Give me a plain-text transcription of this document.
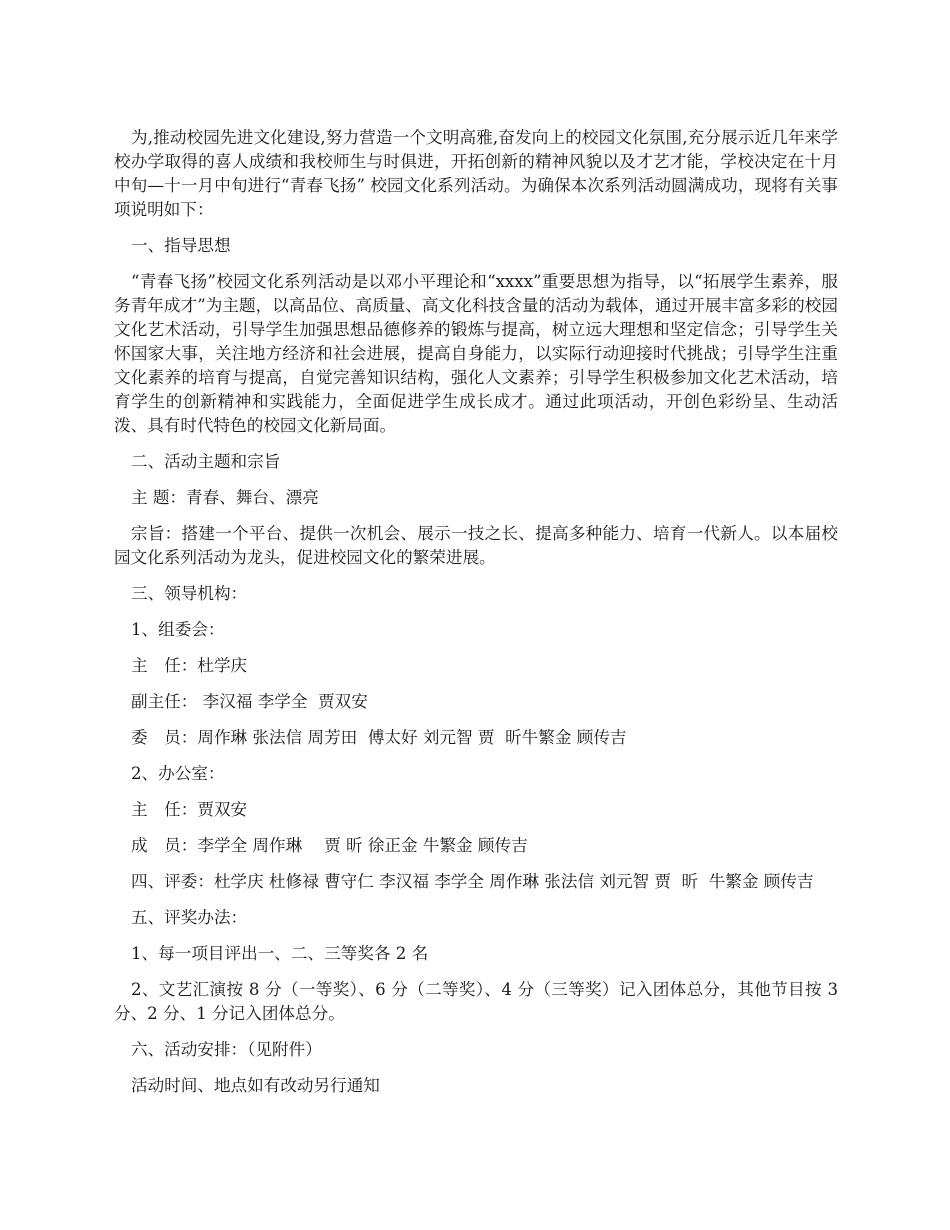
为,推动校园先进文化建设,努力营造一个文明高雅,奋发向上的校园文化氛围,充分展示近几年来学校办学取得的喜人成绩和我校师生与时俱进，开拓创新的精神风貌以及才艺才能，学校决定在十月中旬—十一月中旬进行“青春飞扬” 校园文化系列活动。为确保本次系列活动圆满成功，现将有关事项说明如下：

一、指导思想

“青春飞扬”校园文化系列活动是以邓小平理论和“xxxx”重要思想为指导，以“拓展学生素养，服务青年成才”为主题，以高品位、高质量、高文化科技含量的活动为载体，通过开展丰富多彩的校园文化艺术活动，引导学生加强思想品德修养的锻炼与提高，树立远大理想和坚定信念；引导学生关怀国家大事，关注地方经济和社会进展，提高自身能力，以实际行动迎接时代挑战；引导学生注重文化素养的培育与提高，自觉完善知识结构，强化人文素养；引导学生积极参加文化艺术活动，培育学生的创新精神和实践能力，全面促进学生成长成才。通过此项活动，开创色彩纷呈、生动活泼、具有时代特色的校园文化新局面。

二、活动主题和宗旨

主 题：青春、舞台、漂亮

宗旨：搭建一个平台、提供一次机会、展示一技之长、提高多种能力、培育一代新人。以本届校园文化系列活动为龙头，促进校园文化的繁荣进展。

三、领导机构：

1、组委会：

主　任：杜学庆

副主任： 李汉福 李学全  贾双安

委　员：周作琳 张法信 周芳田  傅太好 刘元智 贾  昕牛繁金 顾传吉

2、办公室：

主　任：贾双安

成　员：李学全 周作琳　 贾 昕 徐正金 牛繁金 顾传吉

四、评委：杜学庆 杜修禄 曹守仁 李汉福 李学全 周作琳 张法信 刘元智 贾  昕  牛繁金 顾传吉

五、评奖办法：

1、每一项目评出一、二、三等奖各 2 名

2、文艺汇演按 8 分（一等奖）、6 分（二等奖）、4 分（三等奖）记入团体总分，其他节目按 3 分、2 分、1 分记入团体总分。

六、活动安排：（见附件）

活动时间、地点如有改动另行通知
